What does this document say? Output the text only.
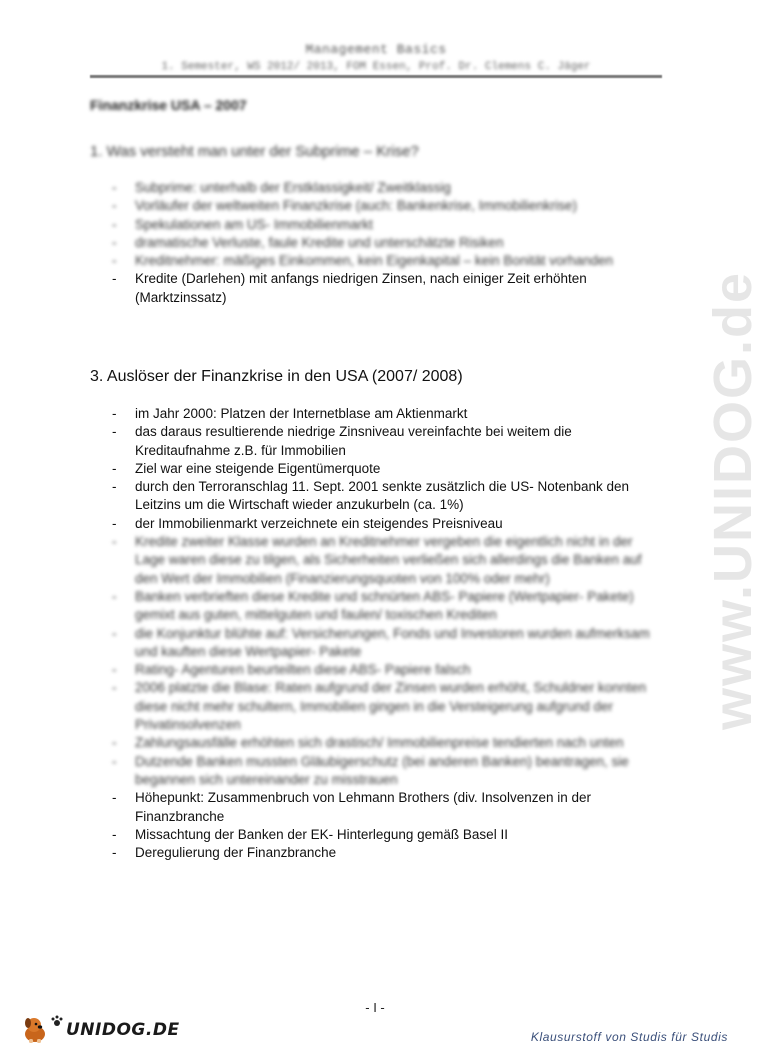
Management Basics
1. Semester, WS 2012/ 2013, FOM Essen, Prof. Dr. Clemens C. Jäger
Finanzkrise USA – 2007
1. Was versteht man unter der Subprime – Krise?
- Subprime: unterhalb der Erstklassigkeit/ Zweitklassig
- Vorläufer der weltweiten Finanzkrise (auch: Bankenkrise, Immobilienkrise)
- Spekulationen am US- Immobilienmarkt
- dramatische Verluste, faule Kredite und unterschätzte Risiken
- Kreditnehmer: mäßiges Einkommen, kein Eigenkapital – kein Bonität vorhanden
- Kredite (Darlehen) mit anfangs niedrigen Zinsen, nach einiger Zeit erhöhten (Marktzinssatz)
3. Auslöser der Finanzkrise in den USA (2007/ 2008)
- im Jahr 2000: Platzen der Internetblase am Aktienmarkt
- das daraus resultierende niedrige Zinsniveau vereinfachte bei weitem die Kreditaufnahme z.B. für Immobilien
- Ziel war eine steigende Eigentümerquote
- durch den Terroranschlag 11. Sept. 2001 senkte zusätzlich die US- Notenbank den Leitzins um die Wirtschaft wieder anzukurbeln (ca. 1%)
- der Immobilienmarkt verzeichnete ein steigendes Preisniveau
- Kredite zweiter Klasse wurden an Kreditnehmer vergeben die eigentlich nicht in der Lage waren diese zu tilgen, als Sicherheiten verließen sich allerdings die Banken auf den Wert der Immobilien (Finanzierungsquoten von 100% oder mehr)
- Banken verbrieften diese Kredite und schnürten ABS- Papiere (Wertpapier- Pakete) gemixt aus guten, mittelguten und faulen/ toxischen Krediten
- die Konjunktur blühte auf: Versicherungen, Fonds und Investoren wurden aufmerksam und kauften diese Wertpapier- Pakete
- Rating- Agenturen beurteilten diese ABS- Papiere falsch
- 2006 platzte die Blase: Raten aufgrund der Zinsen wurden erhöht, Schuldner konnten diese nicht mehr schultern, Immobilien gingen in die Versteigerung aufgrund der Privatinsolvenzen
- Zahlungsausfälle erhöhten sich drastisch/ Immobilienpreise tendierten nach unten
- Dutzende Banken mussten Gläubigerschutz (bei anderen Banken) beantragen, sie begannen sich untereinander zu misstrauen
- Höhepunkt: Zusammenbruch von Lehmann Brothers (div. Insolvenzen in der Finanzbranche
- Missachtung der Banken der EK- Hinterlegung gemäß Basel II
- Deregulierung der Finanzbranche
www.UNIDOG.de
- I -
UNIDOG.DE	Klausurstoff von Studis für Studis
